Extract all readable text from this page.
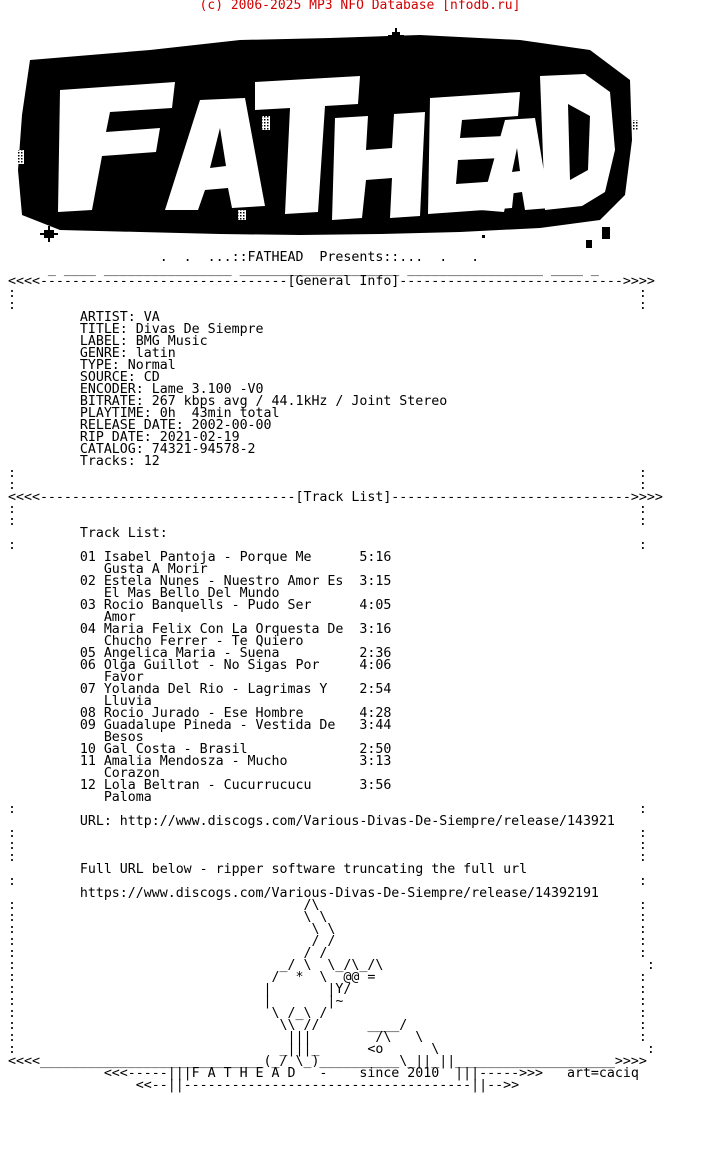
(c) 2006-2025 MP3 NFO Database [nfodb.ru]
.  .  ...::FATHEAD  Presents::...  .   .
_ ____ ________________ ____________________ _________________ ____ _
<<<<-------------------------------[General Info]---------------------------->>>>
:                                                                              :
:                                                                              :
ARTIST: VA
TITLE: Divas De Siempre
LABEL: BMG Music
GENRE: latin
TYPE: Normal
SOURCE: CD
ENCODER: Lame 3.100 -V0
BITRATE: 267 kbps avg / 44.1kHz / Joint Stereo
PLAYTIME: 0h  43min total
RELEASE DATE: 2002-00-00
RIP DATE: 2021-02-19
CATALOG: 74321-94578-2
Tracks: 12
:                                                                              :
:                                                                              :
<<<<--------------------------------[Track List]------------------------------>>>>
:                                                                              :
:                                                                              :
Track List:
:                                                                              :
01 Isabel Pantoja - Porque Me      5:16
Gusta A Morir
02 Estela Nunes - Nuestro Amor Es  3:15
El Mas Bello Del Mundo
03 Rocio Banquells - Pudo Ser      4:05
Amor
04 Maria Felix Con La Orquesta De  3:16
Chucho Ferrer - Te Quiero
05 Angelica Maria - Suena          2:36
06 Olga Guillot - No Sigas Por     4:06
Favor
07 Yolanda Del Rio - Lagrimas Y    2:54
Lluvia
08 Rocio Jurado - Ese Hombre       4:28
09 Guadalupe Pineda - Vestida De   3:44
Besos
10 Gal Costa - Brasil              2:50
11 Amalia Mendosza - Mucho         3:13
Corazon
12 Lola Beltran - Cucurrucucu      3:56
Paloma
:                                                                              :
URL: http://www.discogs.com/Various-Divas-De-Siempre/release/143921
:                                                                              :
:                                                                              :
:                                                                              :
Full URL below - ripper software truncating the full url
:                                                                              :
https://www.discogs.com/Various-Divas-De-Siempre/release/14392191
:                                    /\                                        :
:                                    \ \                                       :
:                                     \ \                                      :
:                                     / /                                      :
:                                    / /                                       :
:                                 _/ \  \_/\_/\                                 :
:                                /  *  \  @@ =                                 :
:                               |       |Y/                                    :
:                               |       |~                                     :
:                                \ /_\ /                                       :
:                                 \\ //      ____/                             :
:                                  |||        /\   \                           :
:                                 _|||_      <o      \                          :
<<<<____________________________(_/ \_)__________\_||_||____________________>>>>
<<<-----|||F A T H E A D   -    since 2010  |||----->>>   art=caciq
<<--||------------------------------------||-->>
